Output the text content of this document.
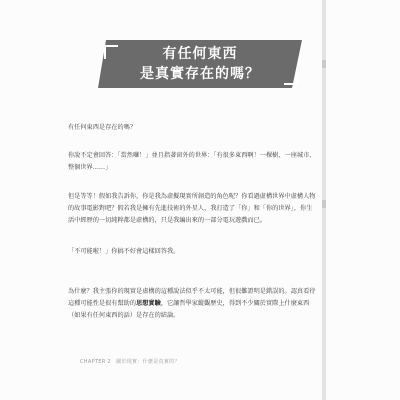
有任何東西
是真實存在的嗎？
有任何東西是存在的嗎？
你說不定會回答：「當然囉！」並且指著窗外的世界：「有很多東西啊！一棵樹、一座城市、整個世界……」
但是等等！假如我告訴你，你是我為虛擬現實所創造的角色呢？你看過虛構世界中虛構人物的故事電影對吧？假若我是擁有先進技術的外星人，我打造了「你」和「你的世界」，你生活中經歷的一切純粹都是虛構的，只是我編出來的一部分電玩遊戲而已。
「不可能啦！」你搞不好會這樣回答我。
為什麼？我主張你的現實是虛構的這種說法似乎不太可能，但很難證明是錯誤的。認真看待這種可能性是很有幫助的思想實驗，它讓哲學家縱觀歷史，得到不少關於實際上什麼東西（如果有任何東西的話）是存在的結論。
CHAPTER 2　關於現實：什麼是真實的？
